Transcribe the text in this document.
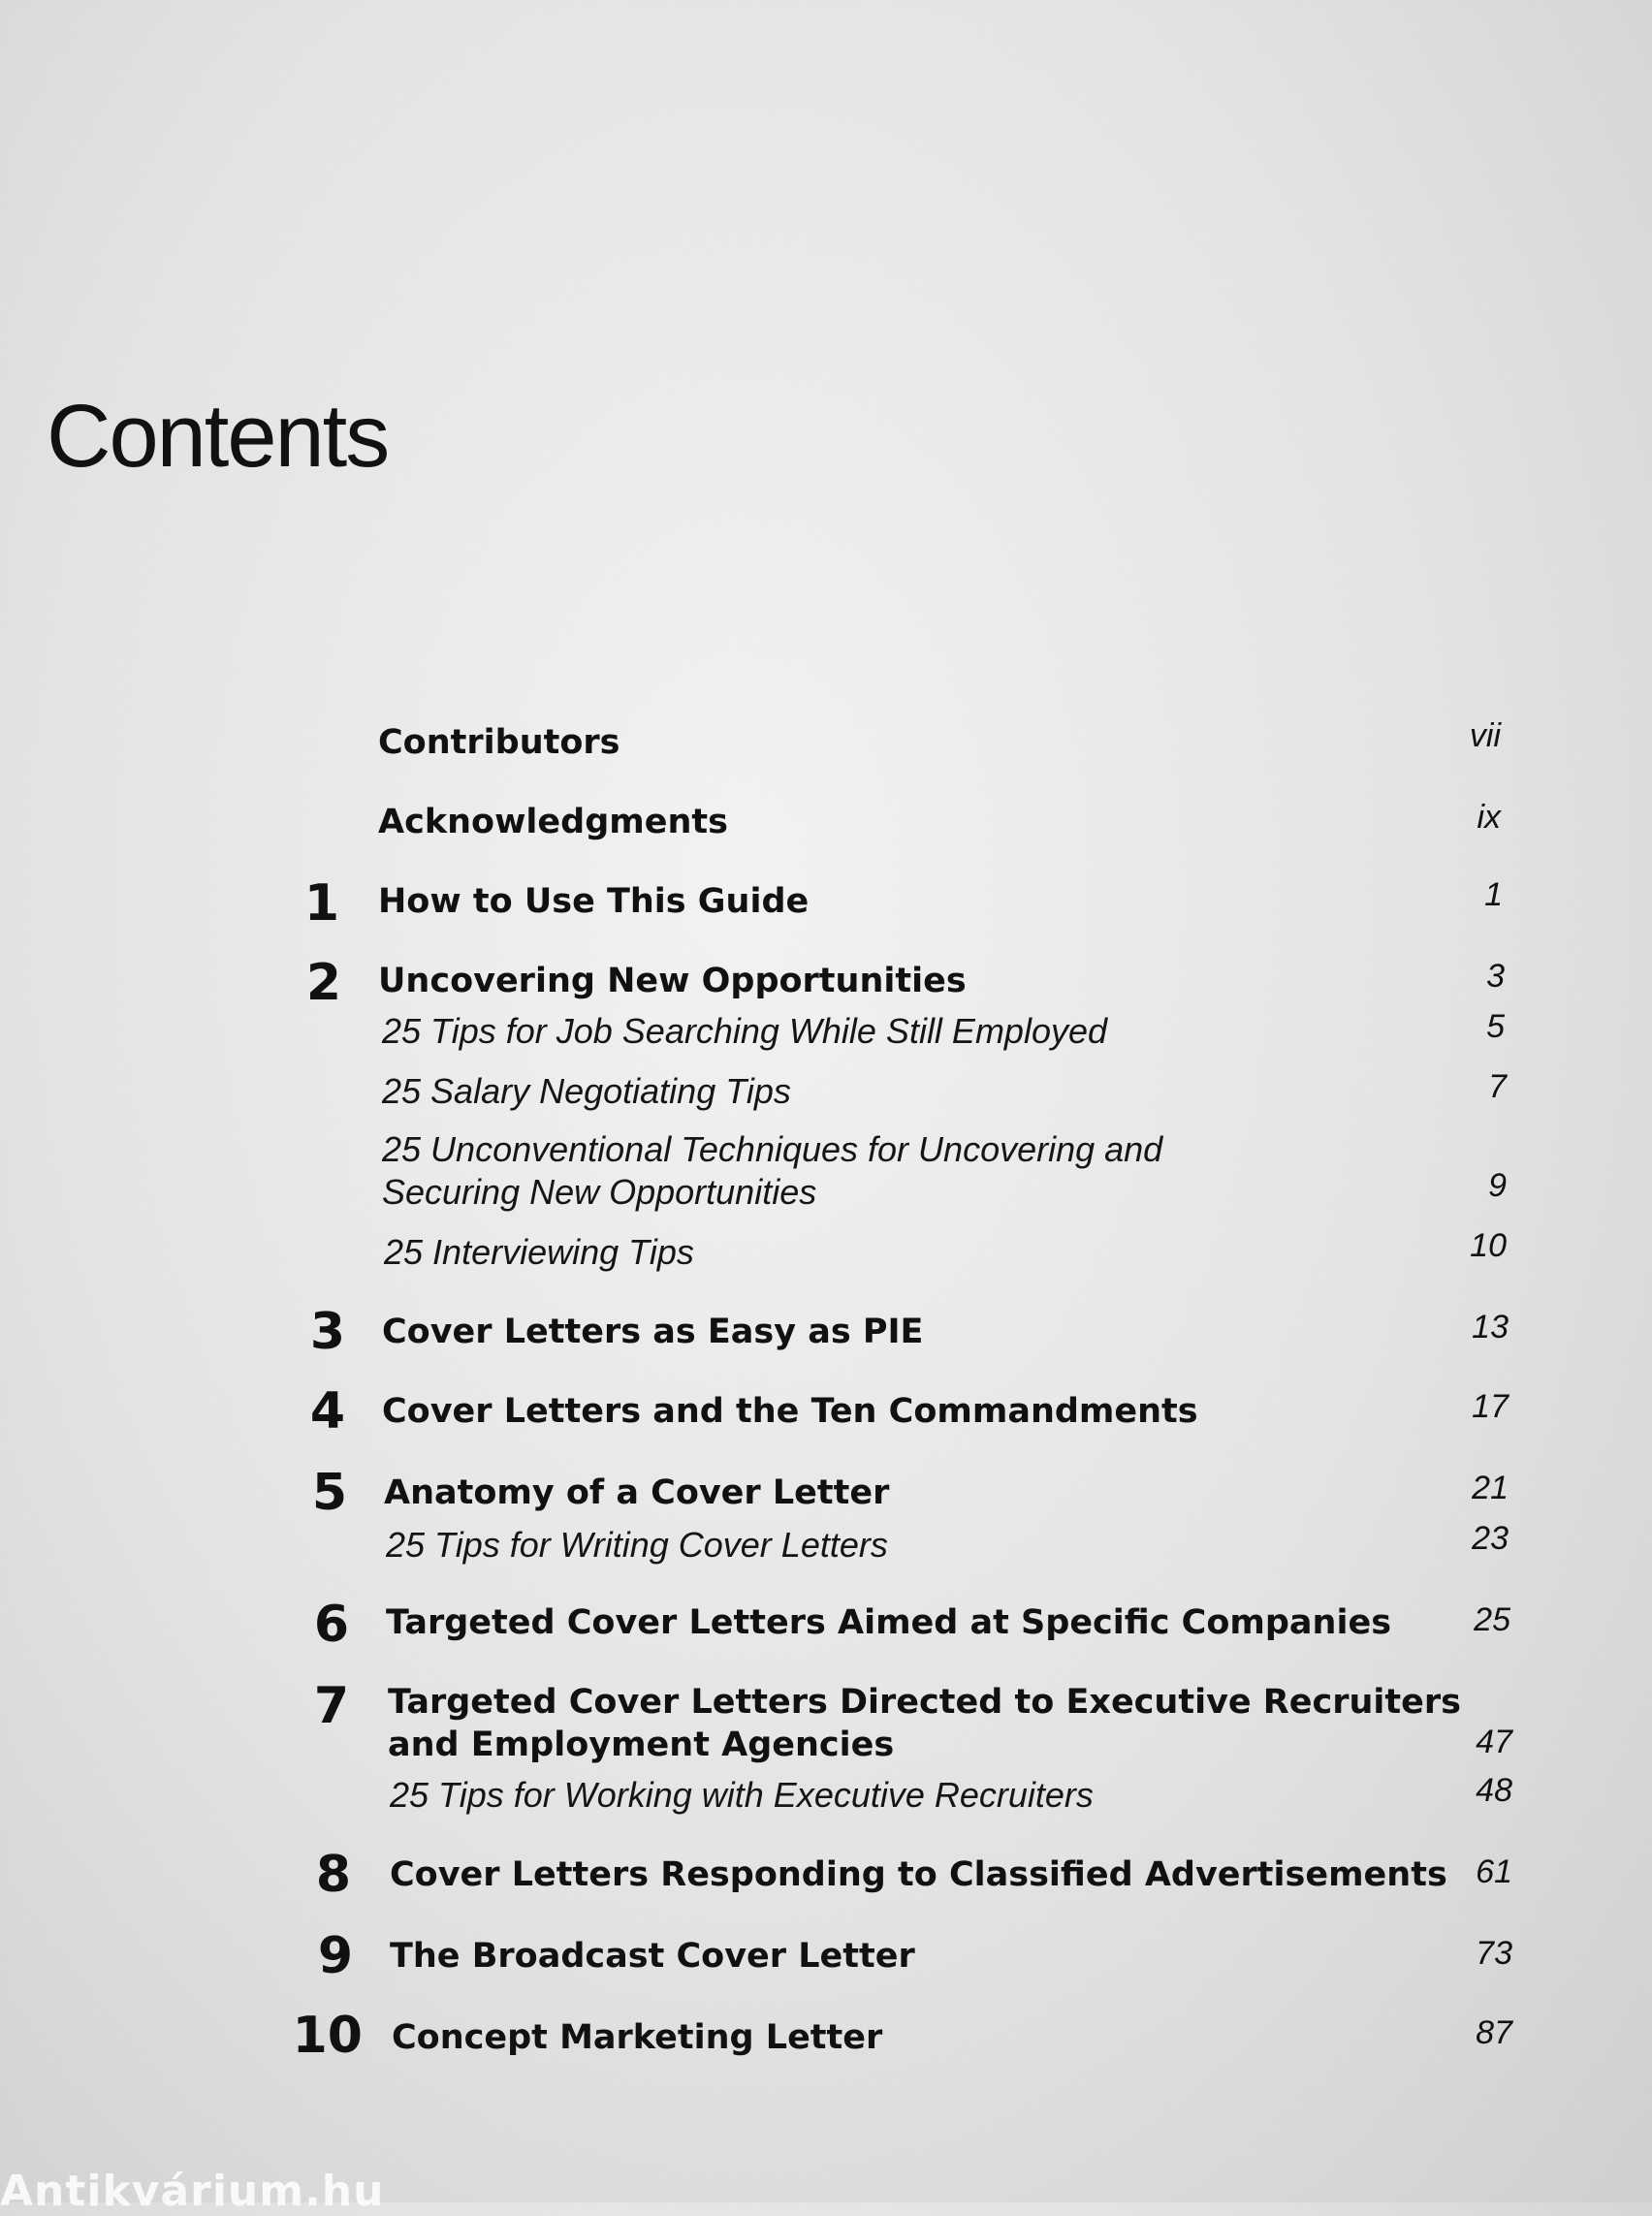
Contents
Contributors	vii
Acknowledgments	ix
1 How to Use This Guide	1
2 Uncovering New Opportunities	3
25 Tips for Job Searching While Still Employed	5
25 Salary Negotiating Tips	7
25 Unconventional Techniques for Uncovering and
Securing New Opportunities	9
25 Interviewing Tips	10
3 Cover Letters as Easy as PIE	13
4 Cover Letters and the Ten Commandments	17
5 Anatomy of a Cover Letter	21
25 Tips for Writing Cover Letters	23
6 Targeted Cover Letters Aimed at Specific Companies	25
7 Targeted Cover Letters Directed to Executive Recruiters
and Employment Agencies	47
25 Tips for Working with Executive Recruiters	48
8 Cover Letters Responding to Classified Advertisements 61
9 The Broadcast Cover Letter	73
10 Concept Marketing Letter	87
Antikvárium.hu
